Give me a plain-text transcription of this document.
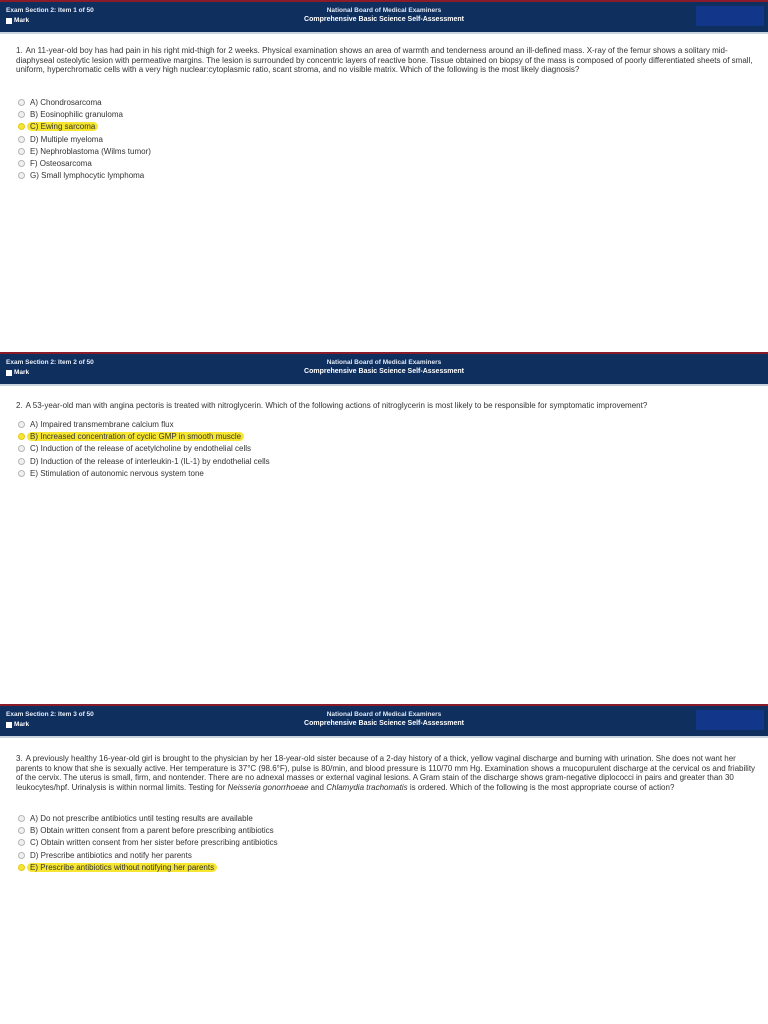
Exam Section 2: Item 1 of 50
Mark
National Board of Medical Examiners
Comprehensive Basic Science Self-Assessment

1. An 11-year-old boy has had pain in his right mid-thigh for 2 weeks. Physical examination shows an area of warmth and tenderness around an ill-defined mass. X-ray of the femur shows a solitary mid-diaphyseal osteolytic lesion with permeative margins. The lesion is surrounded by concentric layers of reactive bone. Tissue obtained on biopsy of the mass is composed of poorly differentiated sheets of small, uniform, hyperchromatic cells with a very high nuclear:cytoplasmic ratio, scant stroma, and no visible matrix. Which of the following is the most likely diagnosis?

A) Chondrosarcoma
B) Eosinophilic granuloma
C) Ewing sarcoma
D) Multiple myeloma
E) Nephroblastoma (Wilms tumor)
F) Osteosarcoma
G) Small lymphocytic lymphoma
Exam Section 2: Item 2 of 50
Mark
National Board of Medical Examiners
Comprehensive Basic Science Self-Assessment

2. A 53-year-old man with angina pectoris is treated with nitroglycerin. Which of the following actions of nitroglycerin is most likely to be responsible for symptomatic improvement?

A) Impaired transmembrane calcium flux
B) Increased concentration of cyclic GMP in smooth muscle
C) Induction of the release of acetylcholine by endothelial cells
D) Induction of the release of interleukin-1 (IL-1) by endothelial cells
E) Stimulation of autonomic nervous system tone
Exam Section 2: Item 3 of 50
Mark
National Board of Medical Examiners
Comprehensive Basic Science Self-Assessment

3. A previously healthy 16-year-old girl is brought to the physician by her 18-year-old sister because of a 2-day history of a thick, yellow vaginal discharge and burning with urination. She does not want her parents to know that she is sexually active. Her temperature is 37°C (98.6°F), pulse is 80/min, and blood pressure is 110/70 mm Hg. Examination shows a mucopurulent discharge at the cervical os and friability of the cervix. The uterus is small, firm, and nontender. There are no adnexal masses or external vaginal lesions. A Gram stain of the discharge shows gram-negative diplococci in pairs and greater than 30 leukocytes/hpf. Urinalysis is within normal limits. Testing for Neisseria gonorrhoeae and Chlamydia trachomatis is ordered. Which of the following is the most appropriate course of action?

A) Do not prescribe antibiotics until testing results are available
B) Obtain written consent from a parent before prescribing antibiotics
C) Obtain written consent from her sister before prescribing antibiotics
D) Prescribe antibiotics and notify her parents
E) Prescribe antibiotics without notifying her parents
